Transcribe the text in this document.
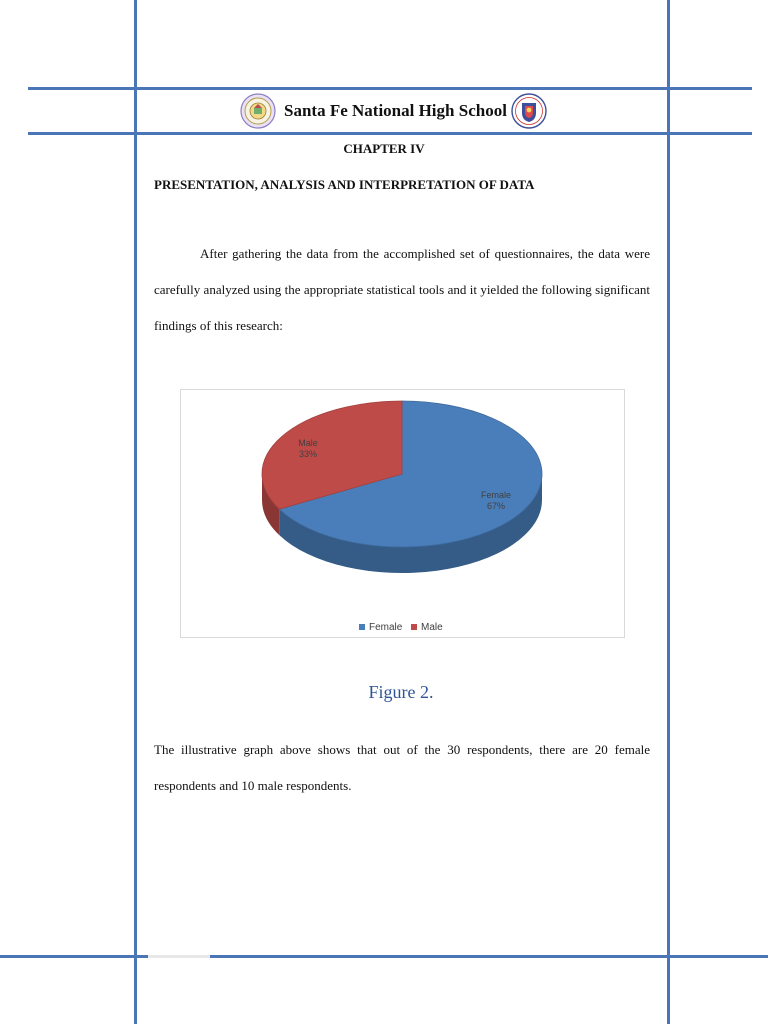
Santa Fe National High School
CHAPTER IV
PRESENTATION, ANALYSIS AND INTERPRETATION OF DATA

After gathering the data from the accomplished set of questionnaires, the data were carefully analyzed using the appropriate statistical tools and it yielded the following significant findings of this research:

Female
67%
Male
33%
Female Male
Figure 2.

The illustrative graph above shows that out of the 30 respondents, there are 20 female respondents and 10 male respondents.
